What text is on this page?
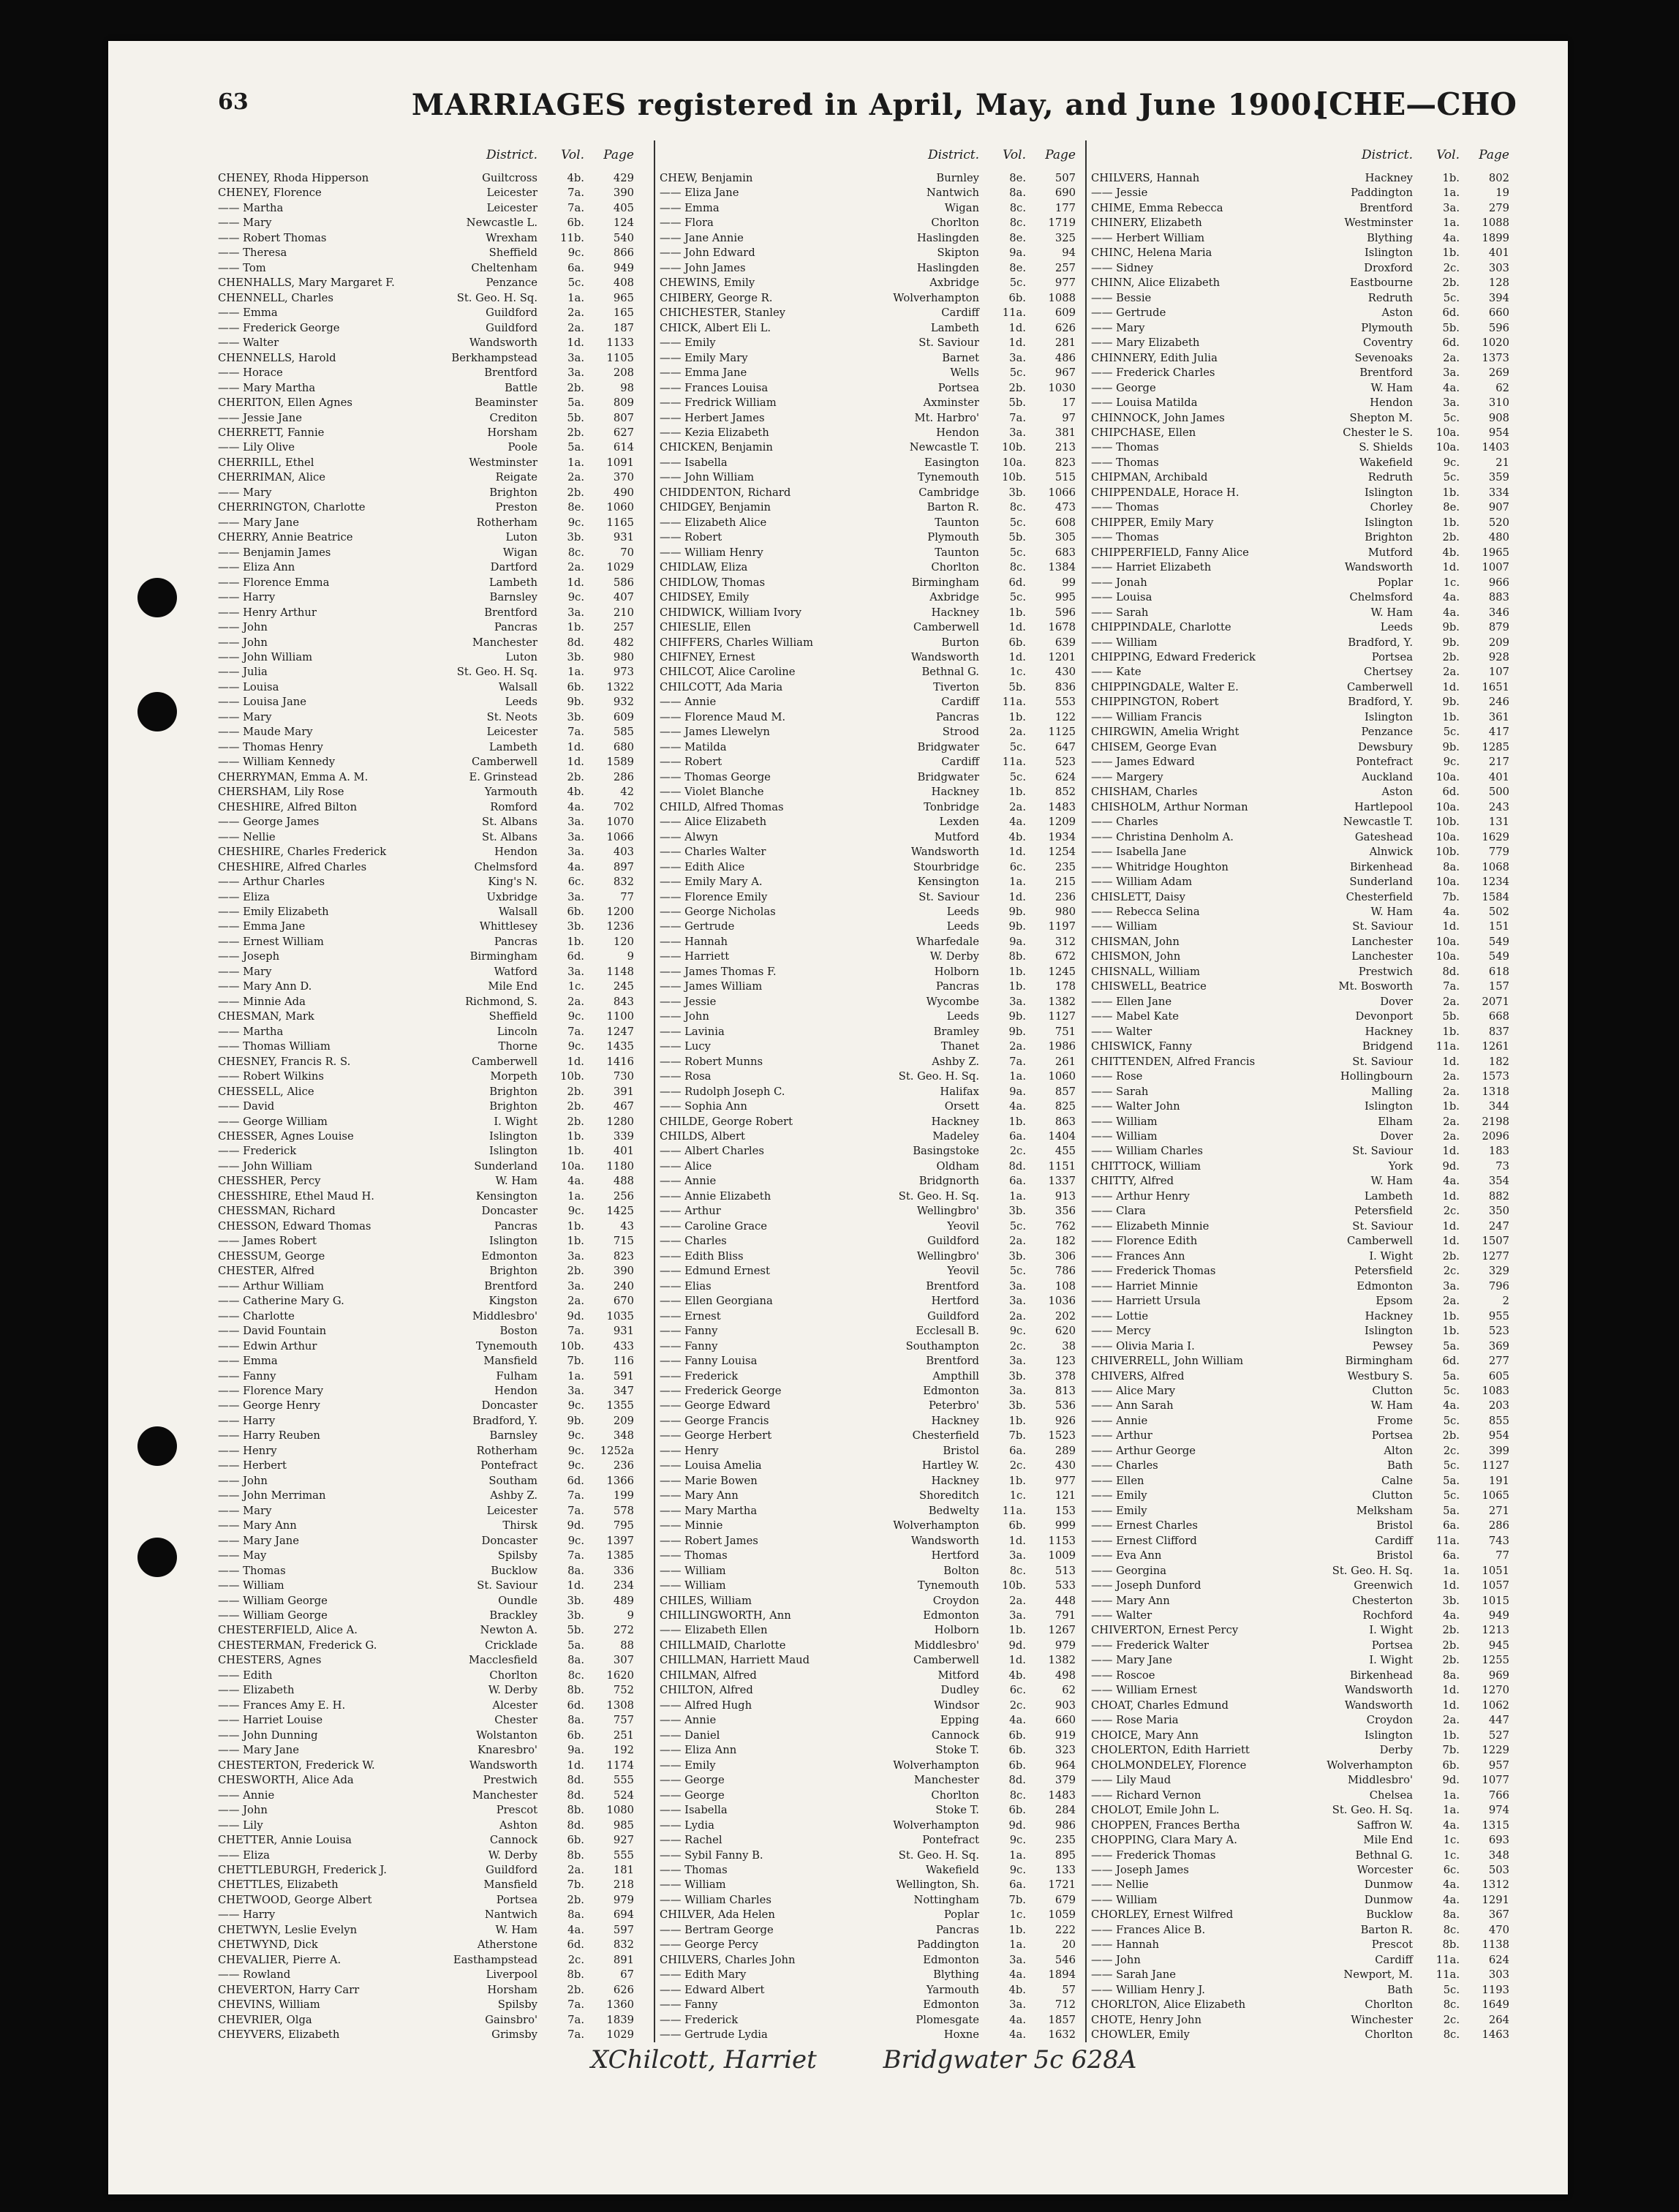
63	MARRIAGES registered in April, May, and June 1900.
[CHE—CHO
District. Vol. Page
CHENEY, Rhoda Hipperson	Guiltcross	4b.	429
CHENEY, Florence	Leicester	7a.	390
—— Martha	Leicester	7a.	405
—— Mary	Newcastle L.	6b.	124
—— Robert Thomas	Wrexham 11b.	540
—— Theresa	Sheffield	9c.	866
—— Tom	Cheltenham	6a.	949
CHENHALLS, Mary Margaret F.	Penzance	5c.	408
CHENNELL, Charles	St. Geo. H. Sq.	1a.	965
—— Emma	Guildford	2a.	165
—— Frederick George	Guildford	2a.	187
—— Walter	Wandsworth	1d. 1133
CHENNELLS, Harold	Berkhampstead	3a. 1105
—— Horace	Brentford	3a.	208
—— Mary Martha	Battle	2b.	98
CHERITON, Ellen Agnes	Beaminster	5a.	809
—— Jessie Jane	Crediton	5b.	807
CHERRETT, Fannie	Horsham	2b.	627
—— Lily Olive	Poole	5a.	614
CHERRILL, Ethel	Westminster	1a. 1091
CHERRIMAN, Alice	Reigate	2a.	370
—— Mary	Brighton	2b.	490
CHERRINGTON, Charlotte	Preston	8e. 1060
—— Mary Jane	Rotherham	9c. 1165
CHERRY, Annie Beatrice	Luton	3b.	931
—— Benjamin James	Wigan	8c.	70
—— Eliza Ann	Dartford	2a. 1029
—— Florence Emma	Lambeth	1d.	586
—— Harry	Barnsley	9c.	407
—— Henry Arthur	Brentford	3a.	210
—— John	Pancras	1b.	257
—— John	Manchester	8d.	482
—— John William	Luton	3b.	980
—— Julia	St. Geo. H. Sq.	1a.	973
—— Louisa	Walsall	6b. 1322
—— Louisa Jane	Leeds	9b.	932
—— Mary	St. Neots	3b.	609
—— Maude Mary	Leicester	7a.	585
—— Thomas Henry	Lambeth	1d.	680
—— William Kennedy	Camberwell	1d. 1589
CHERRYMAN, Emma A. M.	E. Grinstead	2b.	286
CHERSHAM, Lily Rose	Yarmouth	4b.	42
CHESHIRE, Alfred Bilton	Romford	4a.	702
—— George James	St. Albans	3a. 1070
—— Nellie	St. Albans	3a. 1066
CHESHIRE, Charles Frederick	Hendon	3a.	403
CHESHIRE, Alfred Charles	Chelmsford	4a.	897
—— Arthur Charles	King's N.	6c.	832
—— Eliza	Uxbridge	3a.	77
—— Emily Elizabeth	Walsall	6b. 1200
—— Emma Jane	Whittlesey	3b. 1236
—— Ernest William	Pancras	1b.	120
—— Joseph	Birmingham	6d.	9
—— Mary	Watford	3a. 1148
—— Mary Ann D.	Mile End	1c.	245
—— Minnie Ada	Richmond, S.	2a.	843
CHESMAN, Mark	Sheffield	9c. 1100
—— Martha	Lincoln	7a. 1247
—— Thomas William	Thorne	9c. 1435
CHESNEY, Francis R. S.	Camberwell	1d. 1416
—— Robert Wilkins	Morpeth 10b.	730
CHESSELL, Alice	Brighton	2b.	391
—— David	Brighton	2b.	467
—— George William	I. Wight	2b. 1280
CHESSER, Agnes Louise	Islington	1b.	339
—— Frederick	Islington	1b.	401
—— John William	Sunderland 10a. 1180
CHESSHER, Percy	W. Ham	4a.	488
CHESSHIRE, Ethel Maud H.	Kensington	1a.	256
CHESSMAN, Richard	Doncaster	9c. 1425
CHESSON, Edward Thomas	Pancras	1b.	43
—— James Robert	Islington	1b.	715
CHESSUM, George	Edmonton	3a.	823
CHESTER, Alfred	Brighton	2b.	390
—— Arthur William	Brentford	3a.	240
—— Catherine Mary G.	Kingston	2a.	670
—— Charlotte	Middlesbro'	9d. 1035
—— David Fountain	Boston	7a.	931
—— Edwin Arthur	Tynemouth 10b.	433
—— Emma	Mansfield	7b.	116
—— Fanny	Fulham	1a.	591
—— Florence Mary	Hendon	3a.	347
—— George Henry	Doncaster	9c. 1355
—— Harry	Bradford, Y.	9b.	209
—— Harry Reuben	Barnsley	9c.	348
—— Henry	Rotherham	9c. 1252a
—— Herbert	Pontefract	9c.	236
—— John	Southam	6d. 1366
—— John Merriman	Ashby Z.	7a.	199
—— Mary	Leicester	7a.	578
—— Mary Ann	Thirsk	9d.	795
—— Mary Jane	Doncaster	9c. 1397
—— May	Spilsby	7a. 1385
—— Thomas	Bucklow	8a.	336
—— William	St. Saviour	1d.	234
—— William George	Oundle	3b.	489
—— William George	Brackley	3b.	9
CHESTERFIELD, Alice A.	Newton A.	5b.	272
CHESTERMAN, Frederick G.	Cricklade	5a.	88
CHESTERS, Agnes	Macclesfield	8a.	307
—— Edith	Chorlton	8c. 1620
—— Elizabeth	W. Derby	8b.	752
—— Frances Amy E. H.	Alcester	6d. 1308
—— Harriet Louise	Chester	8a.	757
—— John Dunning	Wolstanton	6b.	251
—— Mary Jane	Knaresbro'	9a.	192
CHESTERTON, Frederick W.	Wandsworth	1d. 1174
CHESWORTH, Alice Ada	Prestwich	8d.	555
—— Annie	Manchester	8d.	524
—— John	Prescot	8b. 1080
—— Lily	Ashton	8d.	985
CHETTER, Annie Louisa	Cannock	6b.	927
—— Eliza	W. Derby	8b.	555
CHETTLEBURGH, Frederick J.	Guildford	2a.	181
CHETTLES, Elizabeth	Mansfield	7b.	218
CHETWOOD, George Albert	Portsea	2b.	979
—— Harry	Nantwich	8a.	694
CHETWYN, Leslie Evelyn	W. Ham	4a.	597
CHETWYND, Dick	Atherstone	6d.	832
CHEVALIER, Pierre A.	Easthampstead	2c.	891
—— Rowland	Liverpool	8b.	67
CHEVERTON, Harry Carr	Horsham	2b.	626
CHEVINS, William	Spilsby	7a. 1360
CHEVRIER, Olga	Gainsbro'	7a. 1839
CHEYVERS, Elizabeth	Grimsby	7a. 1029
District. Vol. Page
CHEW, Benjamin	Burnley	8e.	507
—— Eliza Jane	Nantwich	8a.	690
—— Emma	Wigan	8c.	177
—— Flora	Chorlton	8c. 1719
—— Jane Annie	Haslingden	8e.	325
—— John Edward	Skipton	9a.	94
—— John James	Haslingden	8e.	257
CHEWINS, Emily	Axbridge	5c.	977
CHIBERY, George R.	Wolverhampton	6b. 1088
CHICHESTER, Stanley	Cardiff 11a.	609
CHICK, Albert Eli L.	Lambeth	1d.	626
—— Emily	St. Saviour	1d.	281
—— Emily Mary	Barnet	3a.	486
—— Emma Jane	Wells	5c.	967
—— Frances Louisa	Portsea	2b. 1030
—— Fredrick William	Axminster	5b.	17
—— Herbert James	Mt. Harbro'	7a.	97
—— Kezia Elizabeth	Hendon	3a.	381
CHICKEN, Benjamin	Newcastle T. 10b.	213
—— Isabella	Easington 10a.	823
—— John William	Tynemouth 10b.	515
CHIDDENTON, Richard	Cambridge	3b. 1066
CHIDGEY, Benjamin	Barton R.	8c.	473
—— Elizabeth Alice	Taunton	5c.	608
—— Robert	Plymouth	5b.	305
—— William Henry	Taunton	5c.	683
CHIDLAW, Eliza	Chorlton	8c. 1384
CHIDLOW, Thomas	Birmingham	6d.	99
CHIDSEY, Emily	Axbridge	5c.	995
CHIDWICK, William Ivory	Hackney	1b.	596
CHIESLIE, Ellen	Camberwell	1d. 1678
CHIFFERS, Charles William	Burton	6b.	639
CHIFNEY, Ernest	Wandsworth	1d. 1201
CHILCOT, Alice Caroline	Bethnal G.	1c.	430
CHILCOTT, Ada Maria	Tiverton	5b.	836
—— Annie	Cardiff 11a.	553
—— Florence Maud M.	Pancras	1b.	122
—— James Llewelyn	Strood	2a. 1125
—— Matilda	Bridgwater	5c.	647
—— Robert	Cardiff 11a.	523
—— Thomas George	Bridgwater	5c.	624
—— Violet Blanche	Hackney	1b.	852
CHILD, Alfred Thomas	Tonbridge	2a. 1483
—— Alice Elizabeth	Lexden	4a. 1209
—— Alwyn	Mutford	4b. 1934
—— Charles Walter	Wandsworth	1d. 1254
—— Edith Alice	Stourbridge	6c.	235
—— Emily Mary A.	Kensington	1a.	215
—— Florence Emily	St. Saviour	1d.	236
—— George Nicholas	Leeds	9b.	980
—— Gertrude	Leeds	9b. 1197
—— Hannah	Wharfedale	9a.	312
—— Harriett	W. Derby	8b.	672
—— James Thomas F.	Holborn	1b. 1245
—— James William	Pancras	1b.	178
—— Jessie	Wycombe	3a. 1382
—— John	Leeds	9b. 1127
—— Lavinia	Bramley	9b.	751
—— Lucy	Thanet	2a. 1986
—— Robert Munns	Ashby Z.	7a.	261
—— Rosa	St. Geo. H. Sq.	1a. 1060
—— Rudolph Joseph C.	Halifax	9a.	857
—— Sophia Ann	Orsett	4a.	825
CHILDE, George Robert	Hackney	1b.	863
CHILDS, Albert	Madeley	6a. 1404
—— Albert Charles	Basingstoke	2c.	455
—— Alice	Oldham	8d. 1151
—— Annie	Bridgnorth	6a. 1337
—— Annie Elizabeth	St. Geo. H. Sq.	1a.	913
—— Arthur	Wellingbro'	3b.	356
—— Caroline Grace	Yeovil	5c.	762
—— Charles	Guildford	2a.	182
—— Edith Bliss	Wellingbro'	3b.	306
—— Edmund Ernest	Yeovil	5c.	786
—— Elias	Brentford	3a.	108
—— Ellen Georgiana	Hertford	3a. 1036
—— Ernest	Guildford	2a.	202
—— Fanny	Ecclesall B.	9c.	620
—— Fanny	Southampton	2c.	38
—— Fanny Louisa	Brentford	3a.	123
—— Frederick	Ampthill	3b.	378
—— Frederick George	Edmonton	3a.	813
—— George Edward	Peterbro'	3b.	536
—— George Francis	Hackney	1b.	926
—— George Herbert	Chesterfield	7b. 1523
—— Henry	Bristol	6a.	289
—— Louisa Amelia	Hartley W.	2c.	430
—— Marie Bowen	Hackney	1b.	977
—— Mary Ann	Shoreditch	1c.	121
—— Mary Martha	Bedwelty 11a.	153
—— Minnie	Wolverhampton	6b.	999
—— Robert James	Wandsworth	1d. 1153
—— Thomas	Hertford	3a. 1009
—— William	Bolton	8c.	513
—— William	Tynemouth 10b.	533
CHILES, William	Croydon	2a.	448
CHILLINGWORTH, Ann	Edmonton	3a.	791
—— Elizabeth Ellen	Holborn	1b. 1267
CHILLMAID, Charlotte	Middlesbro'	9d.	979
CHILLMAN, Harriett Maud	Camberwell	1d. 1382
CHILMAN, Alfred	Mitford	4b.	498
CHILTON, Alfred	Dudley	6c.	62
—— Alfred Hugh	Windsor	2c.	903
—— Annie	Epping	4a.	660
—— Daniel	Cannock	6b.	919
—— Eliza Ann	Stoke T.	6b.	323
—— Emily	Wolverhampton	6b.	964
—— George	Manchester	8d.	379
—— George	Chorlton	8c. 1483
—— Isabella	Stoke T.	6b.	284
—— Lydia	Wolverhampton	9d.	986
—— Rachel	Pontefract	9c.	235
—— Sybil Fanny B.	St. Geo. H. Sq.	1a.	895
—— Thomas	Wakefield	9c.	133
—— William	Wellington, Sh.	6a. 1721
—— William Charles	Nottingham	7b.	679
CHILVER, Ada Helen	Poplar	1c. 1059
—— Bertram George	Pancras	1b.	222
—— George Percy	Paddington	1a.	20
CHILVERS, Charles John	Edmonton	3a.	546
—— Edith Mary	Blything	4a. 1894
—— Edward Albert	Yarmouth	4b.	57
—— Fanny	Edmonton	3a.	712
—— Frederick	Plomesgate	4a. 1857
—— Gertrude Lydia	Hoxne	4a. 1632
District. Vol. Page
CHILVERS, Hannah	Hackney	1b.	802
—— Jessie	Paddington	1a.	19
CHIME, Emma Rebecca	Brentford	3a.	279
CHINERY, Elizabeth	Westminster	1a. 1088
—— Herbert William	Blything	4a. 1899
CHINC, Helena Maria	Islington	1b.	401
—— Sidney	Droxford	2c.	303
CHINN, Alice Elizabeth	Eastbourne	2b.	128
—— Bessie	Redruth	5c.	394
—— Gertrude	Aston	6d.	660
—— Mary	Plymouth	5b.	596
—— Mary Elizabeth	Coventry	6d. 1020
CHINNERY, Edith Julia	Sevenoaks	2a. 1373
—— Frederick Charles	Brentford	3a.	269
—— George	W. Ham	4a.	62
—— Louisa Matilda	Hendon	3a.	310
CHINNOCK, John James	Shepton M.	5c.	908
CHIPCHASE, Ellen	Chester le S. 10a.	954
—— Thomas	S. Shields 10a. 1403
—— Thomas	Wakefield	9c.	21
CHIPMAN, Archibald	Redruth	5c.	359
CHIPPENDALE, Horace H.	Islington	1b.	334
—— Thomas	Chorley	8e.	907
CHIPPER, Emily Mary	Islington	1b.	520
—— Thomas	Brighton	2b.	480
CHIPPERFIELD, Fanny Alice	Mutford	4b. 1965
—— Harriet Elizabeth	Wandsworth	1d. 1007
—— Jonah	Poplar	1c.	966
—— Louisa	Chelmsford	4a.	883
—— Sarah	W. Ham	4a.	346
CHIPPINDALE, Charlotte	Leeds	9b.	879
—— William	Bradford, Y.	9b.	209
CHIPPING, Edward Frederick	Portsea	2b.	928
—— Kate	Chertsey	2a.	107
CHIPPINGDALE, Walter E.	Camberwell	1d. 1651
CHIPPINGTON, Robert	Bradford, Y.	9b.	246
—— William Francis	Islington	1b.	361
CHIRGWIN, Amelia Wright	Penzance	5c.	417
CHISEM, George Evan	Dewsbury	9b. 1285
—— James Edward	Pontefract	9c.	217
—— Margery	Auckland 10a.	401
CHISHAM, Charles	Aston	6d.	500
CHISHOLM, Arthur Norman	Hartlepool 10a.	243
—— Charles	Newcastle T. 10b.	131
—— Christina Denholm A.	Gateshead 10a. 1629
—— Isabella Jane	Alnwick 10b.	779
—— Whitridge Houghton	Birkenhead	8a. 1068
—— William Adam	Sunderland 10a. 1234
CHISLETT, Daisy	Chesterfield	7b. 1584
—— Rebecca Selina	W. Ham	4a.	502
—— William	St. Saviour	1d.	151
CHISMAN, John	Lanchester 10a.	549
CHISMON, John	Lanchester 10a.	549
CHISNALL, William	Prestwich	8d.	618
CHISWELL, Beatrice	Mt. Bosworth	7a.	157
—— Ellen Jane	Dover	2a. 2071
—— Mabel Kate	Devonport	5b.	668
—— Walter	Hackney	1b.	837
CHISWICK, Fanny	Bridgend 11a. 1261
CHITTENDEN, Alfred Francis	St. Saviour	1d.	182
—— Rose	Hollingbourn	2a. 1573
—— Sarah	Malling	2a. 1318
—— Walter John	Islington	1b.	344
—— William	Elham	2a. 2198
—— William	Dover	2a. 2096
—— William Charles	St. Saviour	1d.	183
CHITTOCK, William	York	9d.	73
CHITTY, Alfred	W. Ham	4a.	354
—— Arthur Henry	Lambeth	1d.	882
—— Clara	Petersfield	2c.	350
—— Elizabeth Minnie	St. Saviour	1d.	247
—— Florence Edith	Camberwell	1d. 1507
—— Frances Ann	I. Wight	2b. 1277
—— Frederick Thomas	Petersfield	2c.	329
—— Harriet Minnie	Edmonton	3a.	796
—— Harriett Ursula	Epsom	2a.	2
—— Lottie	Hackney	1b.	955
—— Mercy	Islington	1b.	523
—— Olivia Maria I.	Pewsey	5a.	369
CHIVERRELL, John William	Birmingham	6d.	277
CHIVERS, Alfred	Westbury S.	5a.	605
—— Alice Mary	Clutton	5c. 1083
—— Ann Sarah	W. Ham	4a.	203
—— Annie	Frome	5c.	855
—— Arthur	Portsea	2b.	954
—— Arthur George	Alton	2c.	399
—— Charles	Bath	5c. 1127
—— Ellen	Calne	5a.	191
—— Emily	Clutton	5c. 1065
—— Emily	Melksham	5a.	271
—— Ernest Charles	Bristol	6a.	286
—— Ernest Clifford	Cardiff 11a.	743
—— Eva Ann	Bristol	6a.	77
—— Georgina	St. Geo. H. Sq.	1a. 1051
—— Joseph Dunford	Greenwich	1d. 1057
—— Mary Ann	Chesterton	3b. 1015
—— Walter	Rochford	4a.	949
CHIVERTON, Ernest Percy	I. Wight	2b. 1213
—— Frederick Walter	Portsea	2b.	945
—— Mary Jane	I. Wight	2b. 1255
—— Roscoe	Birkenhead	8a.	969
—— William Ernest	Wandsworth	1d. 1270
CHOAT, Charles Edmund	Wandsworth	1d. 1062
—— Rose Maria	Croydon	2a.	447
CHOICE, Mary Ann	Islington	1b.	527
CHOLERTON, Edith Harriett	Derby	7b. 1229
CHOLMONDELEY, Florence	Wolverhampton	6b.	957
—— Lily Maud	Middlesbro'	9d. 1077
—— Richard Vernon	Chelsea	1a.	766
CHOLOT, Emile John L.	St. Geo. H. Sq.	1a.	974
CHOPPEN, Frances Bertha	Saffron W.	4a. 1315
CHOPPING, Clara Mary A.	Mile End	1c.	693
—— Frederick Thomas	Bethnal G.	1c.	348
—— Joseph James	Worcester	6c.	503
—— Nellie	Dunmow	4a. 1312
—— William	Dunmow	4a. 1291
CHORLEY, Ernest Wilfred	Bucklow	8a.	367
—— Frances Alice B.	Barton R.	8c.	470
—— Hannah	Prescot	8b. 1138
—— John	Cardiff 11a.	624
—— Sarah Jane	Newport, M. 11a.	303
—— William Henry J.	Bath	5c. 1193
CHORLTON, Alice Elizabeth	Chorlton	8c. 1649
CHOTE, Henry John	Winchester	2c.	264
CHOWLER, Emily	Chorlton	8c. 1463
XChilcott, Harriet	Bridgwater 5c 628A
